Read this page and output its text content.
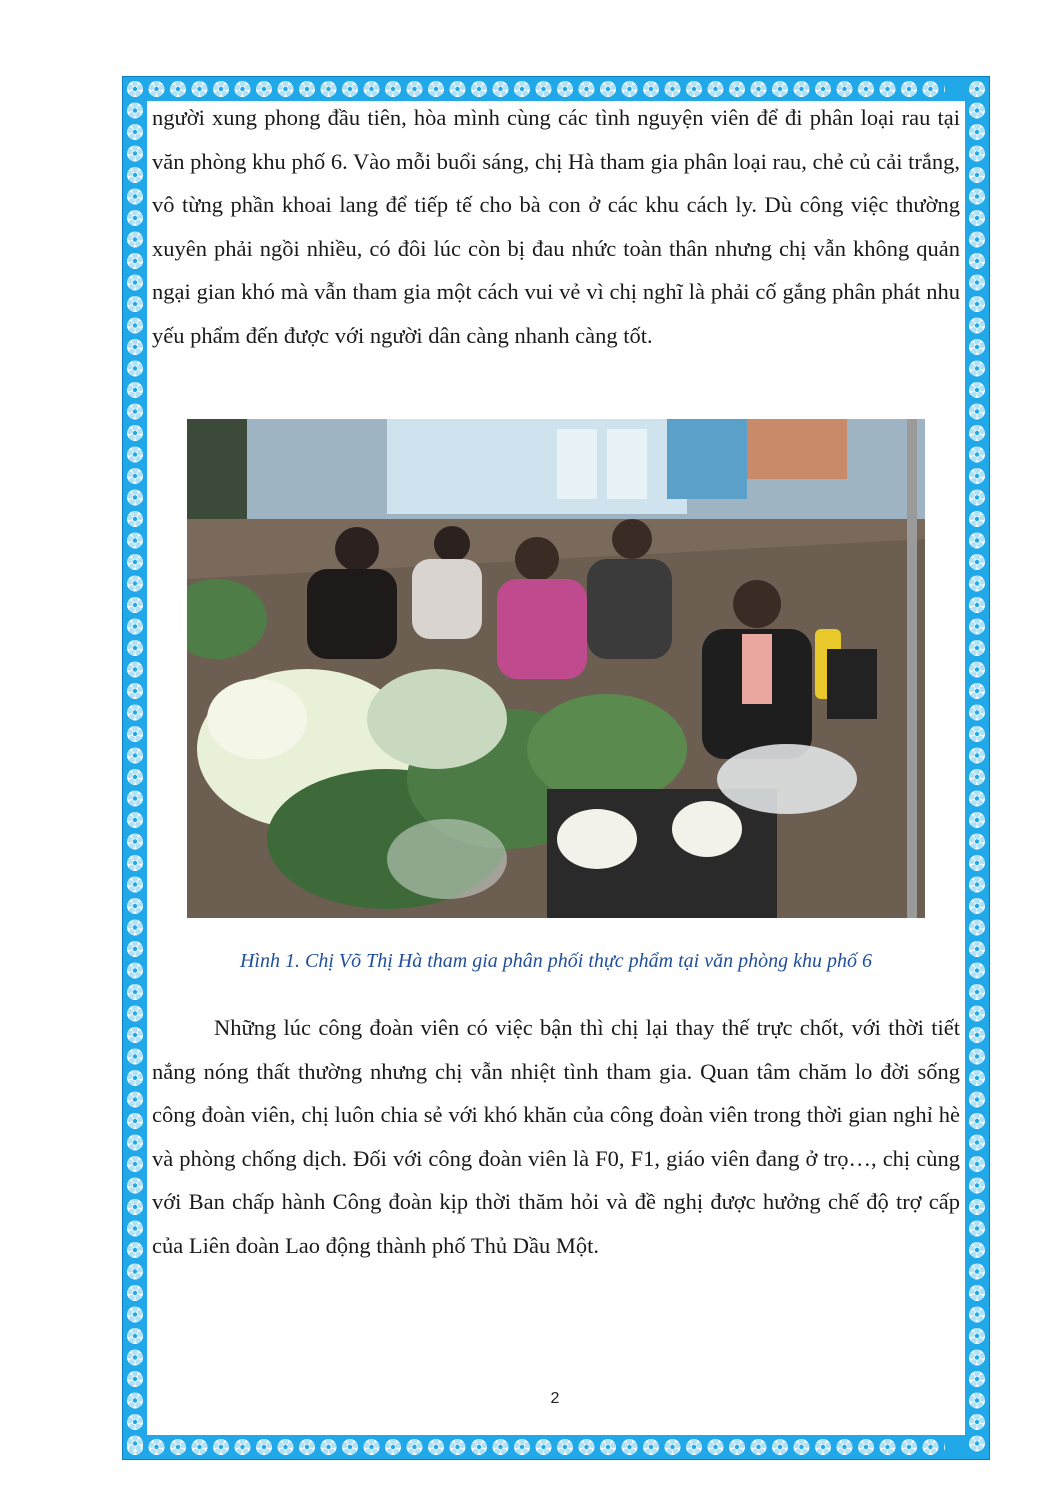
người xung phong đầu tiên, hòa mình cùng các tình nguyện viên để đi phân loại rau tại văn phòng khu phố 6. Vào mỗi buổi sáng, chị Hà tham gia phân loại rau, chẻ củ cải trắng, vô từng phần khoai lang để tiếp tế cho bà con ở các khu cách ly. Dù công việc thường xuyên phải ngồi nhiều, có đôi lúc còn bị đau nhức toàn thân nhưng chị vẫn không quản ngại gian khó mà vẫn tham gia một cách vui vẻ vì chị nghĩ là phải cố gắng phân phát nhu yếu phẩm đến được với người dân càng nhanh càng tốt.

Hình 1. Chị Võ Thị Hà tham gia phân phối thực phẩm tại văn phòng khu phố 6

Những lúc công đoàn viên có việc bận thì chị lại thay thế trực chốt, với thời tiết nắng nóng thất thường nhưng chị vẫn nhiệt tình tham gia. Quan tâm chăm lo đời sống công đoàn viên, chị luôn chia sẻ với khó khăn của công đoàn viên trong thời gian nghỉ hè và phòng chống dịch. Đối với công đoàn viên là F0, F1, giáo viên đang ở trọ…, chị cùng với Ban chấp hành Công đoàn kịp thời thăm hỏi và đề nghị được hưởng chế độ trợ cấp của Liên đoàn Lao động thành phố Thủ Dầu Một.

2
